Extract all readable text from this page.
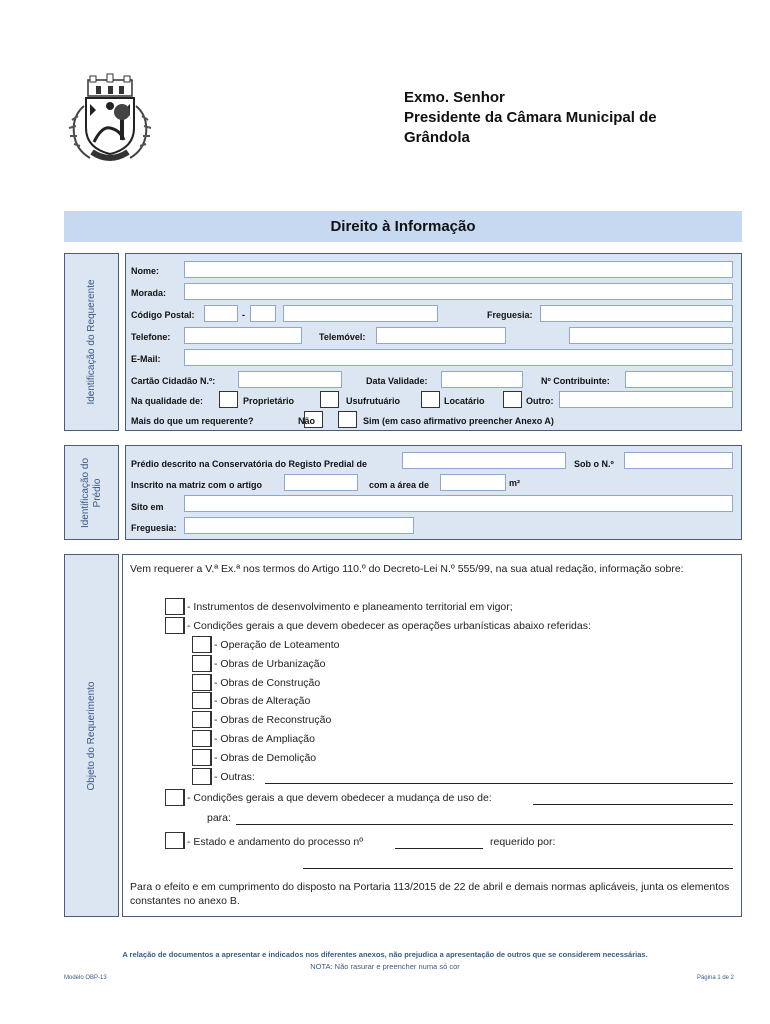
Exmo. Senhor
Presidente da Câmara Municipal de
Grândola
Direito à Informação
Identificação do Requerente
Nome:
Morada:
Código Postal:	-	Freguesia:
Telefone:	Telemóvel:
E-Mail:
Cartão Cidadão N.º:	Data Validade:	Nº Contribuinte:
Na qualidade de:	Proprietário	Usufrutuário	Locatário	Outro:
Mais do que um requerente?	Não	Sim (em caso afirmativo preencher Anexo A)
Identificação do Prédio
Prédio descrito na Conservatória do Registo Predial de	Sob o N.º
Inscrito na matriz com o artigo	com a área de	m²
Sito em
Freguesia:
Objeto do Requerimento
Vem requerer a V.ª Ex.ª nos termos do Artigo 110.º do Decreto-Lei N.º 555/99, na sua atual redação, informação sobre:
- Instrumentos de desenvolvimento e planeamento territorial em vigor;
- Condições gerais a que devem obedecer as operações urbanísticas abaixo referidas:
- Operação de Loteamento
- Obras de Urbanização
- Obras de Construção
- Obras de Alteração
- Obras de Reconstrução
- Obras de Ampliação
- Obras de Demolição
- Outras:
- Condições gerais a que devem obedecer a mudança de uso de:
para:
- Estado e andamento do processo nº	requerido por:
Para o efeito e em cumprimento do disposto na Portaria 113/2015 de 22 de abril e demais normas aplicáveis, junta os elementos constantes no anexo B.
A relação de documentos a apresentar e indicados nos diferentes anexos, não prejudica a apresentação de outros que se considerem necessárias.
NOTA: Não rasurar e preencher numa só cor
Modelo OBP-13	Página 1 de 2
